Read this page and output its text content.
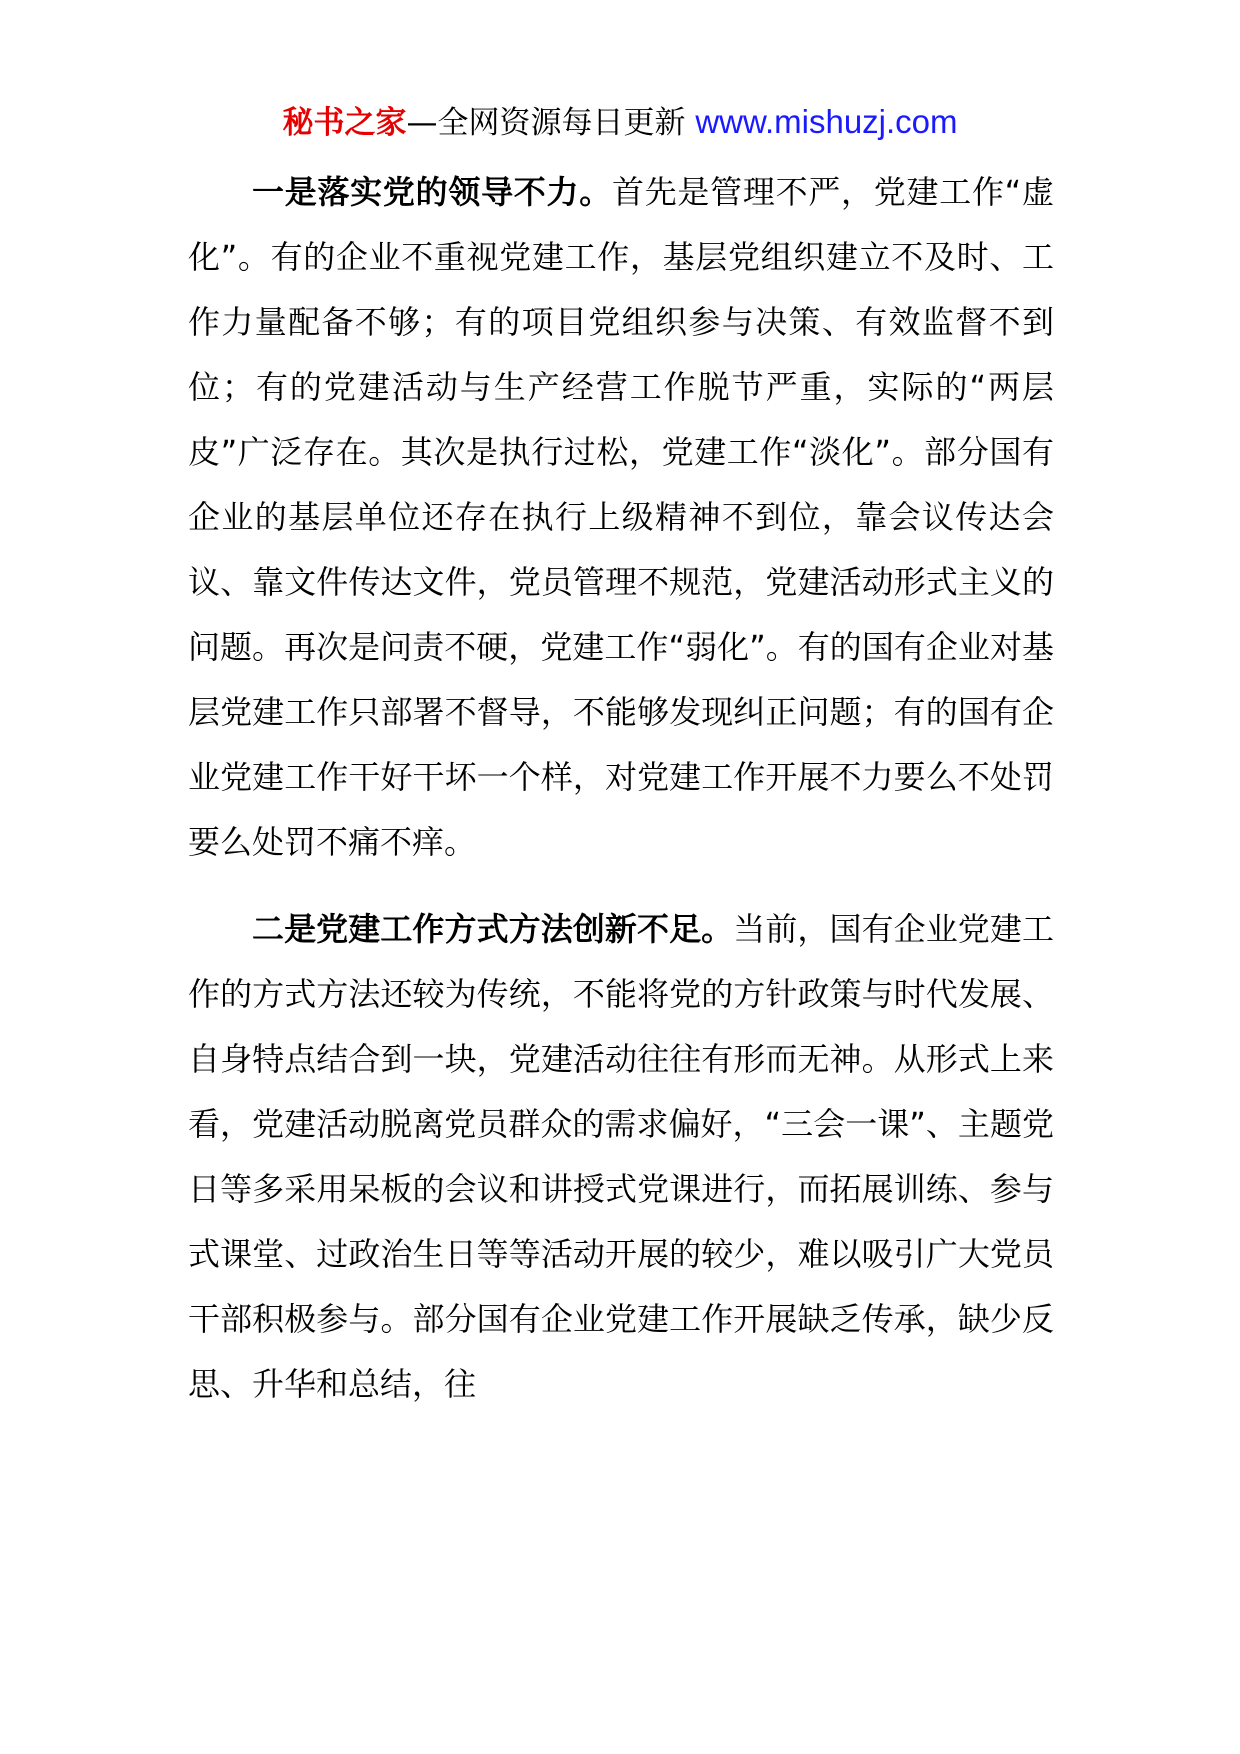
秘书之家—全网资源每日更新 www.mishuzj.com

一是落实党的领导不力。首先是管理不严，党建工作“虚化”。有的企业不重视党建工作，基层党组织建立不及时、工作力量配备不够；有的项目党组织参与决策、有效监督不到位；有的党建活动与生产经营工作脱节严重，实际的“两层皮”广泛存在。其次是执行过松，党建工作“淡化”。部分国有企业的基层单位还存在执行上级精神不到位，靠会议传达会议、靠文件传达文件，党员管理不规范，党建活动形式主义的问题。再次是问责不硬，党建工作“弱化”。有的国有企业对基层党建工作只部署不督导，不能够发现纠正问题；有的国有企业党建工作干好干坏一个样，对党建工作开展不力要么不处罚要么处罚不痛不痒。

二是党建工作方式方法创新不足。当前，国有企业党建工作的方式方法还较为传统，不能将党的方针政策与时代发展、自身特点结合到一块，党建活动往往有形而无神。从形式上来看，党建活动脱离党员群众的需求偏好，“三会一课”、主题党日等多采用呆板的会议和讲授式党课进行，而拓展训练、参与式课堂、过政治生日等等活动开展的较少，难以吸引广大党员干部积极参与。部分国有企业党建工作开展缺乏传承，缺少反思、升华和总结，往
